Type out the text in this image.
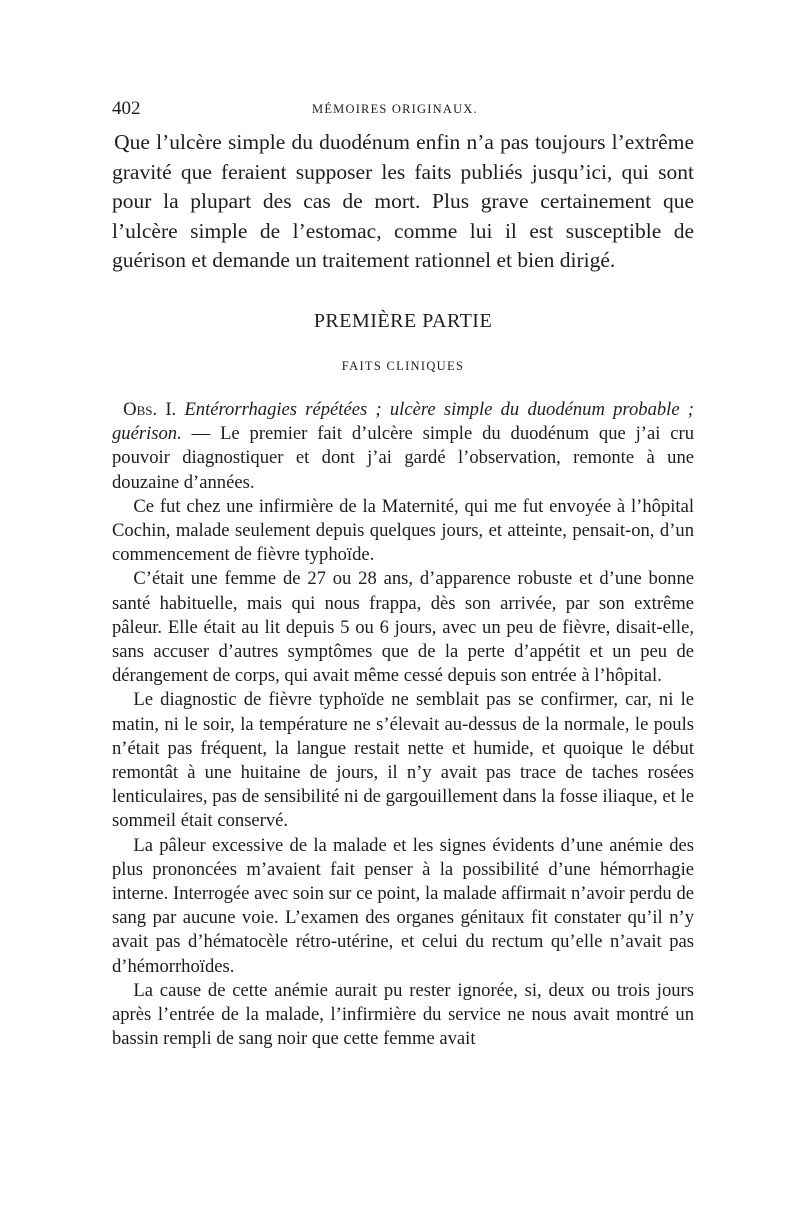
402	MÉMOIRES ORIGINAUX.

Que l’ulcère simple du duodénum enfin n’a pas toujours l’extrême gravité que feraient supposer les faits publiés jusqu’ici, qui sont pour la plupart des cas de mort. Plus grave certainement que l’ulcère simple de l’estomac, comme lui il est susceptible de guérison et demande un traitement rationnel et bien dirigé.

PREMIÈRE PARTIE
FAITS CLINIQUES

Obs. I. Entérorrhagies répétées ; ulcère simple du duodénum probable ; guérison. — Le premier fait d’ulcère simple du duodénum que j’ai cru pouvoir diagnostiquer et dont j’ai gardé l’observation, remonte à une douzaine d’années.

Ce fut chez une infirmière de la Maternité, qui me fut envoyée à l’hôpital Cochin, malade seulement depuis quelques jours, et atteinte, pensait-on, d’un commencement de fièvre typhoïde.

C’était une femme de 27 ou 28 ans, d’apparence robuste et d’une bonne santé habituelle, mais qui nous frappa, dès son arrivée, par son extrême pâleur. Elle était au lit depuis 5 ou 6 jours, avec un peu de fièvre, disait-elle, sans accuser d’autres symptômes que de la perte d’appétit et un peu de dérangement de corps, qui avait même cessé depuis son entrée à l’hôpital.

Le diagnostic de fièvre typhoïde ne semblait pas se confirmer, car, ni le matin, ni le soir, la température ne s’élevait au-dessus de la normale, le pouls n’était pas fréquent, la langue restait nette et humide, et quoique le début remontât à une huitaine de jours, il n’y avait pas trace de taches rosées lenticulaires, pas de sensibilité ni de gargouillement dans la fosse iliaque, et le sommeil était conservé.

La pâleur excessive de la malade et les signes évidents d’une anémie des plus prononcées m’avaient fait penser à la possibilité d’une hémorrhagie interne. Interrogée avec soin sur ce point, la malade affirmait n’avoir perdu de sang par aucune voie. L’examen des organes génitaux fit constater qu’il n’y avait pas d’hématocèle rétro-utérine, et celui du rectum qu’elle n’avait pas d’hémorrhoïdes.

La cause de cette anémie aurait pu rester ignorée, si, deux ou trois jours après l’entrée de la malade, l’infirmière du service ne nous avait montré un bassin rempli de sang noir que cette femme avait
